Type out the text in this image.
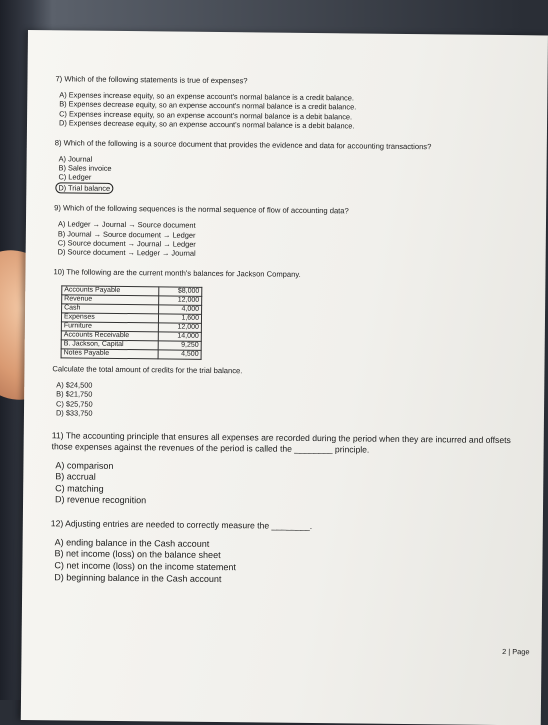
7) Which of the following statements is true of expenses?

A) Expenses increase equity, so an expense account's normal balance is a credit balance.

B) Expenses decrease equity, so an expense account's normal balance is a credit balance.

C) Expenses increase equity, so an expense account's normal balance is a debit balance.

D) Expenses decrease equity, so an expense account's normal balance is a debit balance.

8) Which of the following is a source document that provides the evidence and data for accounting transactions?

A) Journal

B) Sales invoice

C) Ledger

D) Trial balance

9) Which of the following sequences is the normal sequence of flow of accounting data?

A) Ledger → Journal → Source document

B) Journal → Source document → Ledger

C) Source document → Journal → Ledger

D) Source document → Ledger → Journal

10) The following are the current month's balances for Jackson Company.

Accounts Payable	$8,000
Revenue	12,000
Cash	4,000
Expenses	1,600
Furniture	12,000
Accounts Receivable	14,000
B. Jackson, Capital	9,250
Notes Payable	4,500

Calculate the total amount of credits for the trial balance.

A) $24,500

B) $21,750

C) $25,750

D) $33,750

11) The accounting principle that ensures all expenses are recorded during the period when they are incurred and offsets those expenses against the revenues of the period is called the ________ principle.

A) comparison

B) accrual

C) matching

D) revenue recognition

12) Adjusting entries are needed to correctly measure the ________.

A) ending balance in the Cash account

B) net income (loss) on the balance sheet

C) net income (loss) on the income statement

D) beginning balance in the Cash account

2 | Page
